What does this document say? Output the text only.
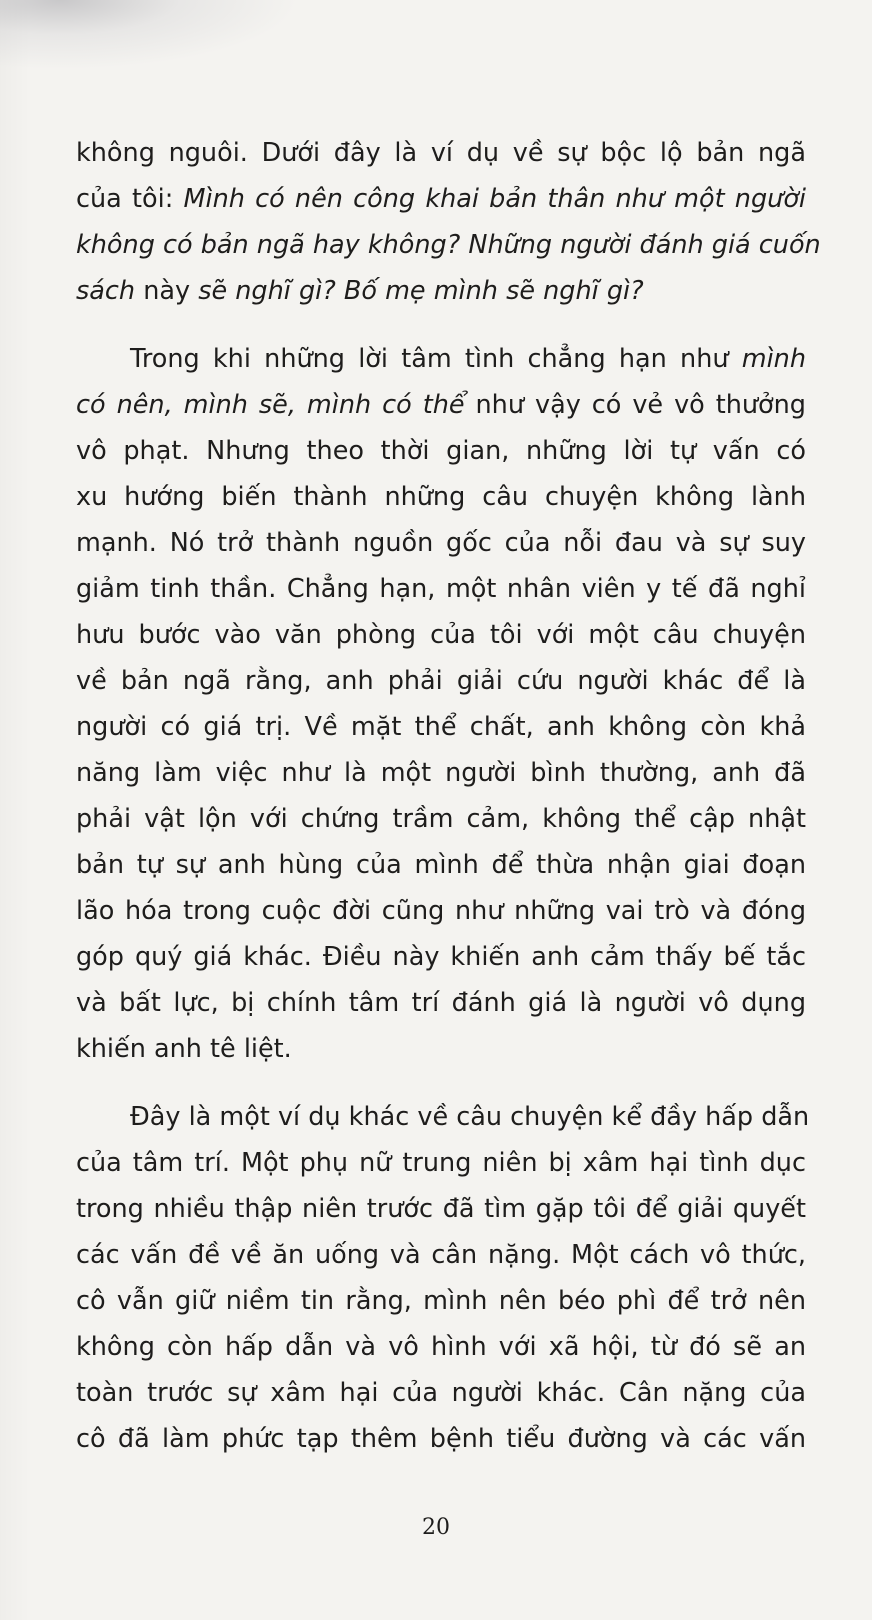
không nguôi. Dưới đây là ví dụ về sự bộc lộ bản ngã
của tôi: Mình có nên công khai bản thân như một người
không có bản ngã hay không? Những người đánh giá cuốn
sách này sẽ nghĩ gì? Bố mẹ mình sẽ nghĩ gì?
Trong khi những lời tâm tình chẳng hạn như mình
có nên, mình sẽ, mình có thể như vậy có vẻ vô thưởng
vô phạt. Nhưng theo thời gian, những lời tự vấn có
xu hướng biến thành những câu chuyện không lành
mạnh. Nó trở thành nguồn gốc của nỗi đau và sự suy
giảm tinh thần. Chẳng hạn, một nhân viên y tế đã nghỉ
hưu bước vào văn phòng của tôi với một câu chuyện
về bản ngã rằng, anh phải giải cứu người khác để là
người có giá trị. Về mặt thể chất, anh không còn khả
năng làm việc như là một người bình thường, anh đã
phải vật lộn với chứng trầm cảm, không thể cập nhật
bản tự sự anh hùng của mình để thừa nhận giai đoạn
lão hóa trong cuộc đời cũng như những vai trò và đóng
góp quý giá khác. Điều này khiến anh cảm thấy bế tắc
và bất lực, bị chính tâm trí đánh giá là người vô dụng
khiến anh tê liệt.
Đây là một ví dụ khác về câu chuyện kể đầy hấp dẫn
của tâm trí. Một phụ nữ trung niên bị xâm hại tình dục
trong nhiều thập niên trước đã tìm gặp tôi để giải quyết
các vấn đề về ăn uống và cân nặng. Một cách vô thức,
cô vẫn giữ niềm tin rằng, mình nên béo phì để trở nên
không còn hấp dẫn và vô hình với xã hội, từ đó sẽ an
toàn trước sự xâm hại của người khác. Cân nặng của
cô đã làm phức tạp thêm bệnh tiểu đường và các vấn
20
